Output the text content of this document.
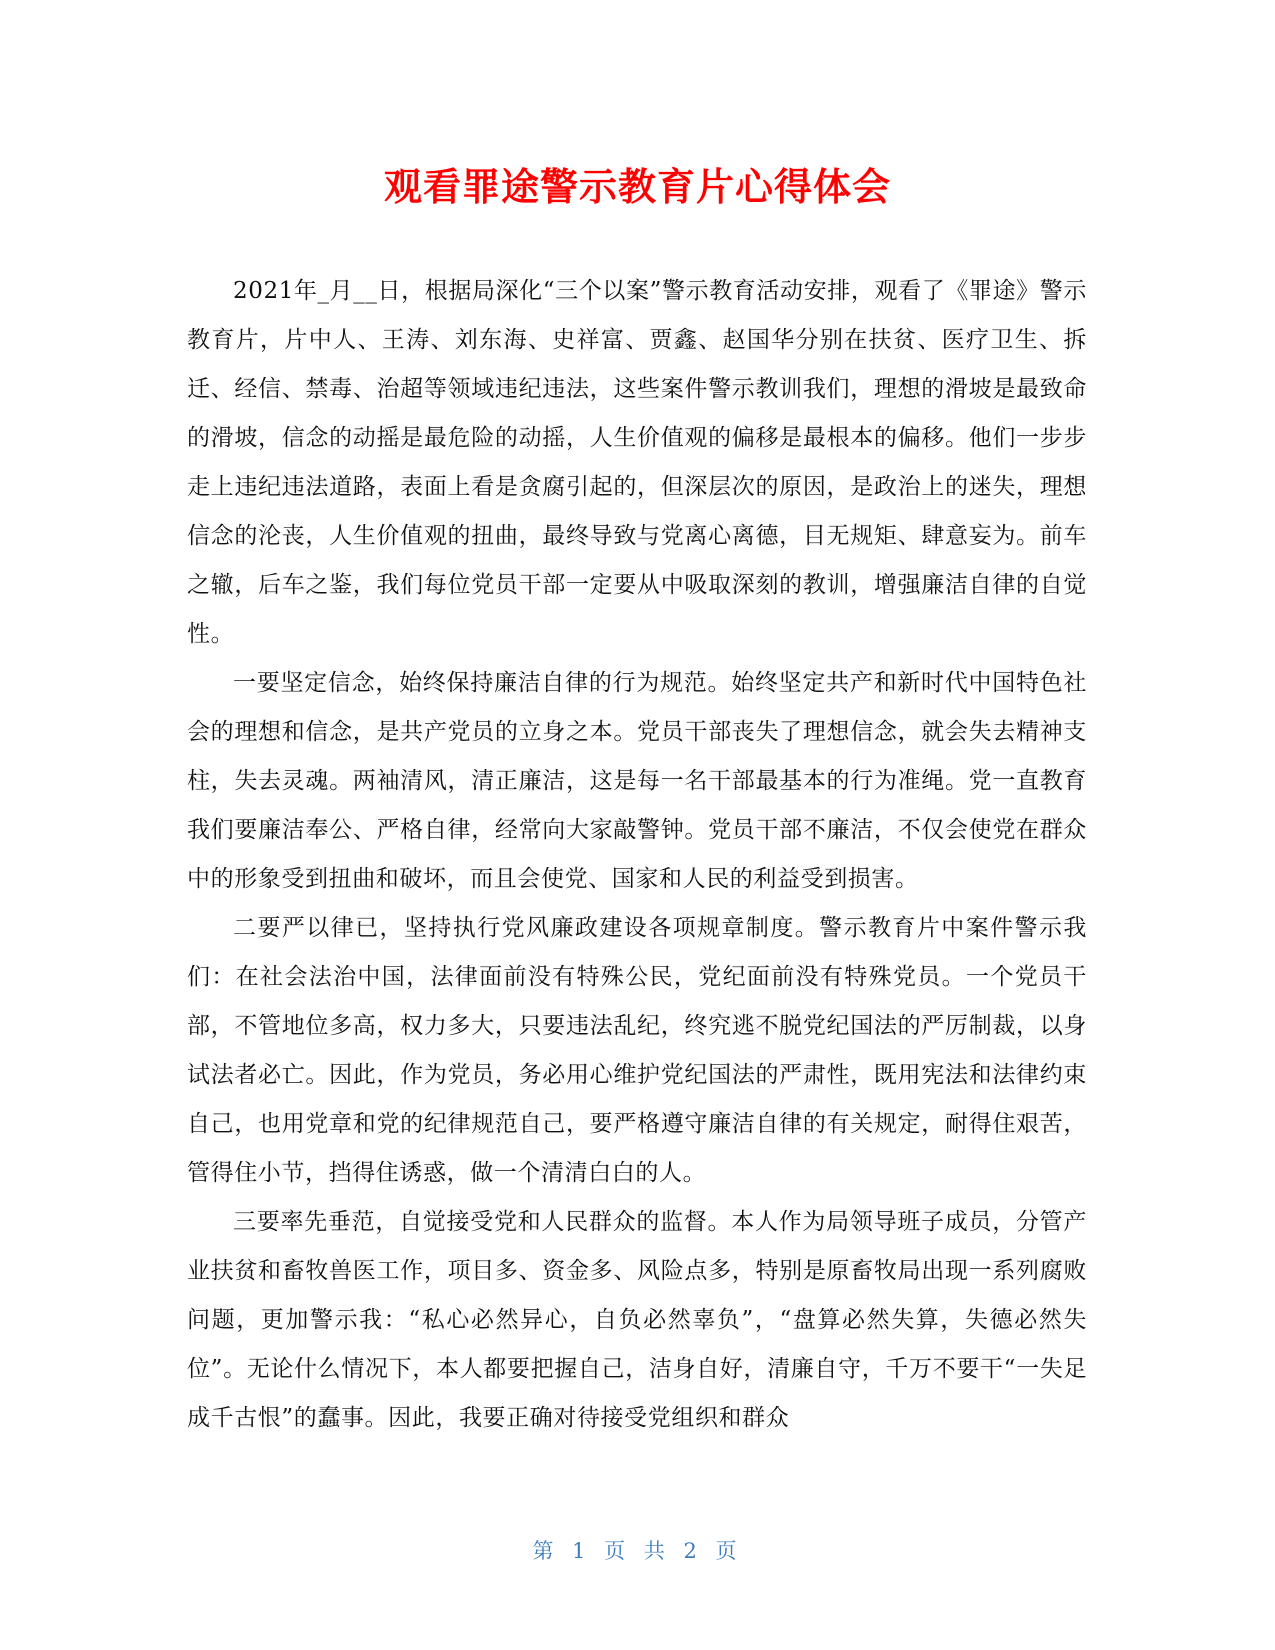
观看罪途警示教育片心得体会

2021年_月__日，根据局深化“三个以案”警示教育活动安排，观看了《罪途》警示教育片，片中人、王涛、刘东海、史祥富、贾鑫、赵国华分别在扶贫、医疗卫生、拆迁、经信、禁毒、治超等领域违纪违法，这些案件警示教训我们，理想的滑坡是最致命的滑坡，信念的动摇是最危险的动摇，人生价值观的偏移是最根本的偏移。他们一步步走上违纪违法道路，表面上看是贪腐引起的，但深层次的原因，是政治上的迷失，理想信念的沦丧，人生价值观的扭曲，最终导致与党离心离德，目无规矩、肆意妄为。前车之辙，后车之鉴，我们每位党员干部一定要从中吸取深刻的教训，增强廉洁自律的自觉性。

一要坚定信念，始终保持廉洁自律的行为规范。始终坚定共产和新时代中国特色社会的理想和信念，是共产党员的立身之本。党员干部丧失了理想信念，就会失去精神支柱，失去灵魂。两袖清风，清正廉洁，这是每一名干部最基本的行为准绳。党一直教育我们要廉洁奉公、严格自律，经常向大家敲警钟。党员干部不廉洁，不仅会使党在群众中的形象受到扭曲和破坏，而且会使党、国家和人民的利益受到损害。

二要严以律已，坚持执行党风廉政建设各项规章制度。警示教育片中案件警示我们：在社会法治中国，法律面前没有特殊公民，党纪面前没有特殊党员。一个党员干部，不管地位多高，权力多大，只要违法乱纪，终究逃不脱党纪国法的严厉制裁，以身试法者必亡。因此，作为党员，务必用心维护党纪国法的严肃性，既用宪法和法律约束自己，也用党章和党的纪律规范自己，要严格遵守廉洁自律的有关规定，耐得住艰苦，管得住小节，挡得住诱惑，做一个清清白白的人。

三要率先垂范，自觉接受党和人民群众的监督。本人作为局领导班子成员，分管产业扶贫和畜牧兽医工作，项目多、资金多、风险点多，特别是原畜牧局出现一系列腐败问题，更加警示我：“私心必然异心，自负必然辜负”，“盘算必然失算，失德必然失位”。无论什么情况下，本人都要把握自己，洁身自好，清廉自守，千万不要干“一失足成千古恨”的蠢事。因此，我要正确对待接受党组织和群众

第 1 页 共 2 页
